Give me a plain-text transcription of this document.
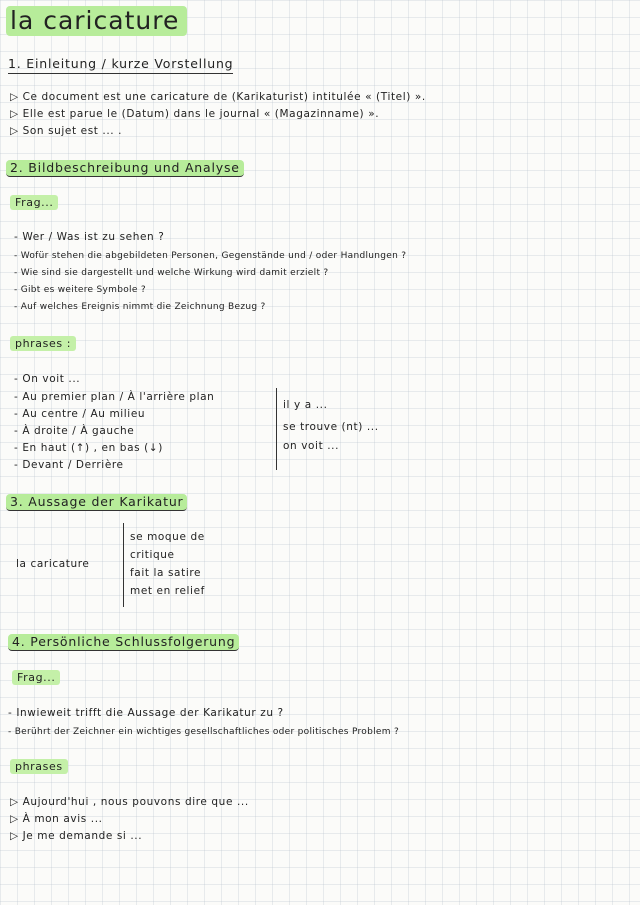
la caricature
1. Einleitung / kurze Vorstellung
▷ Ce document est une caricature de (Karikaturist) intitulée « (Titel) ».
▷ Elle est parue le (Datum) dans le journal « (Magazinname) ».
▷ Son sujet est ... .
2. Bildbeschreibung und Analyse
Frag...
- Wer / Was ist zu sehen ?
- Wofür stehen die abgebildeten Personen, Gegenstände und / oder Handlungen ?
- Wie sind sie dargestellt und welche Wirkung wird damit erzielt ?
- Gibt es weitere Symbole ?
- Auf welches Ereignis nimmt die Zeichnung Bezug ?
phrases :
- On voit ...
- Au premier plan / À l'arrière plan
- Au centre / Au milieu
- À droite / À gauche
- En haut (↑) , en bas (↓)
- Devant / Derrière
il y a ...
se trouve (nt) ...
on voit ...
3. Aussage der Karikatur
la caricature
se moque de
critique
fait la satire
met en relief
4. Persönliche Schlussfolgerung
Frag...
- Inwieweit trifft die Aussage der Karikatur zu ?
- Berührt der Zeichner ein wichtiges gesellschaftliches oder politisches Problem ?
phrases
▷ Aujourd'hui , nous pouvons dire que ...
▷ À mon avis ...
▷ Je me demande si ...
